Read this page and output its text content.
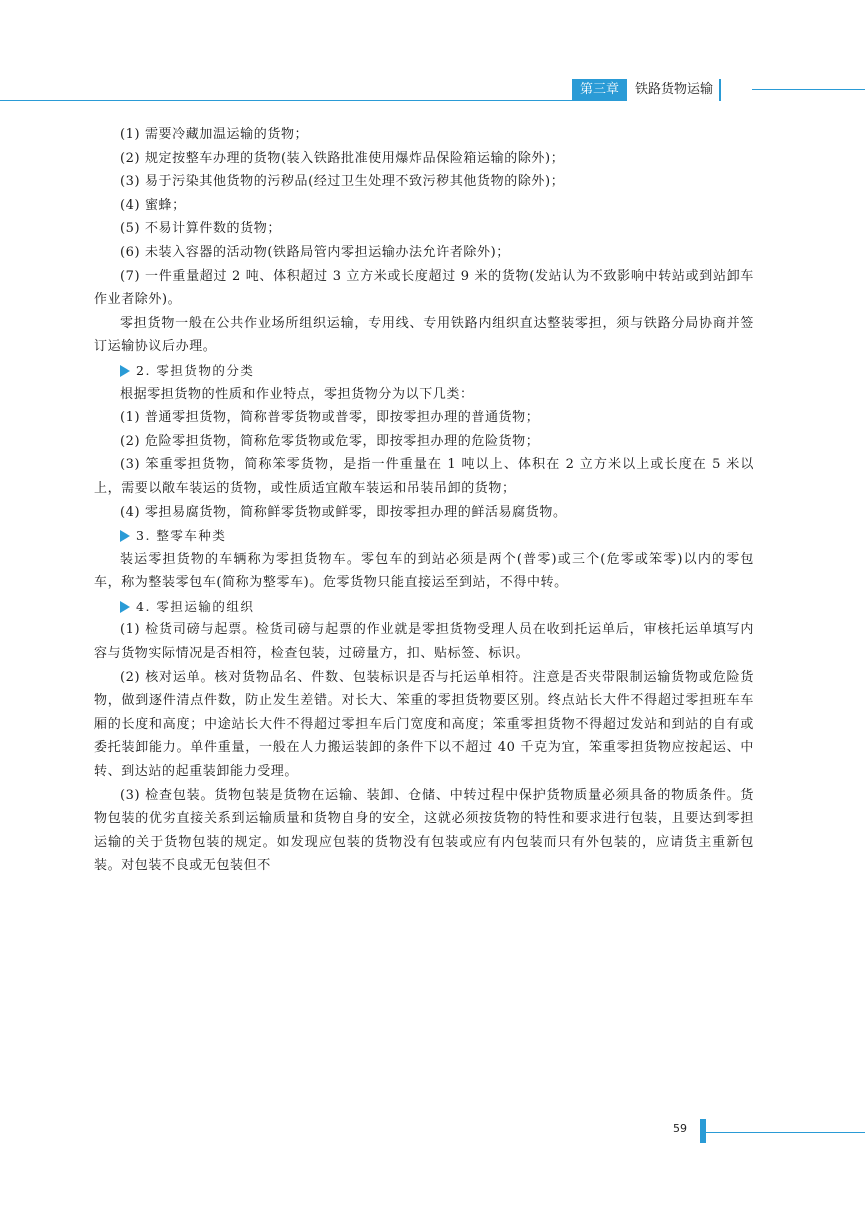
第三章	铁路货物运输

(1) 需要冷藏加温运输的货物；

(2) 规定按整车办理的货物(装入铁路批准使用爆炸品保险箱运输的除外)；

(3) 易于污染其他货物的污秽品(经过卫生处理不致污秽其他货物的除外)；

(4) 蜜蜂；

(5) 不易计算件数的货物；

(6) 未装入容器的活动物(铁路局管内零担运输办法允许者除外)；

(7) 一件重量超过 2 吨、体积超过 3 立方米或长度超过 9 米的货物(发站认为不致影响中转站或到站卸车作业者除外)。

零担货物一般在公共作业场所组织运输，专用线、专用铁路内组织直达整装零担，须与铁路分局协商并签订运输协议后办理。

2. 零担货物的分类

根据零担货物的性质和作业特点，零担货物分为以下几类：

(1) 普通零担货物，简称普零货物或普零，即按零担办理的普通货物；

(2) 危险零担货物，简称危零货物或危零，即按零担办理的危险货物；

(3) 笨重零担货物，简称笨零货物，是指一件重量在 1 吨以上、体积在 2 立方米以上或长度在 5 米以上，需要以敞车装运的货物，或性质适宜敞车装运和吊装吊卸的货物；

(4) 零担易腐货物，简称鲜零货物或鲜零，即按零担办理的鲜活易腐货物。

3. 整零车种类

装运零担货物的车辆称为零担货物车。零包车的到站必须是两个(普零)或三个(危零或笨零)以内的零包车，称为整装零包车(简称为整零车)。危零货物只能直接运至到站，不得中转。

4. 零担运输的组织

(1) 检货司磅与起票。检货司磅与起票的作业就是零担货物受理人员在收到托运单后，审核托运单填写内容与货物实际情况是否相符，检查包装，过磅量方，扣、贴标签、标识。

(2) 核对运单。核对货物品名、件数、包装标识是否与托运单相符。注意是否夹带限制运输货物或危险货物，做到逐件清点件数，防止发生差错。对长大、笨重的零担货物要区别。终点站长大件不得超过零担班车车厢的长度和高度；中途站长大件不得超过零担车后门宽度和高度；笨重零担货物不得超过发站和到站的自有或委托装卸能力。单件重量，一般在人力搬运装卸的条件下以不超过 40 千克为宜，笨重零担货物应按起运、中转、到达站的起重装卸能力受理。

(3) 检查包装。货物包装是货物在运输、装卸、仓储、中转过程中保护货物质量必须具备的物质条件。货物包装的优劣直接关系到运输质量和货物自身的安全，这就必须按货物的特性和要求进行包装，且要达到零担运输的关于货物包装的规定。如发现应包装的货物没有包装或应有内包装而只有外包装的，应请货主重新包装。对包装不良或无包装但不

59
